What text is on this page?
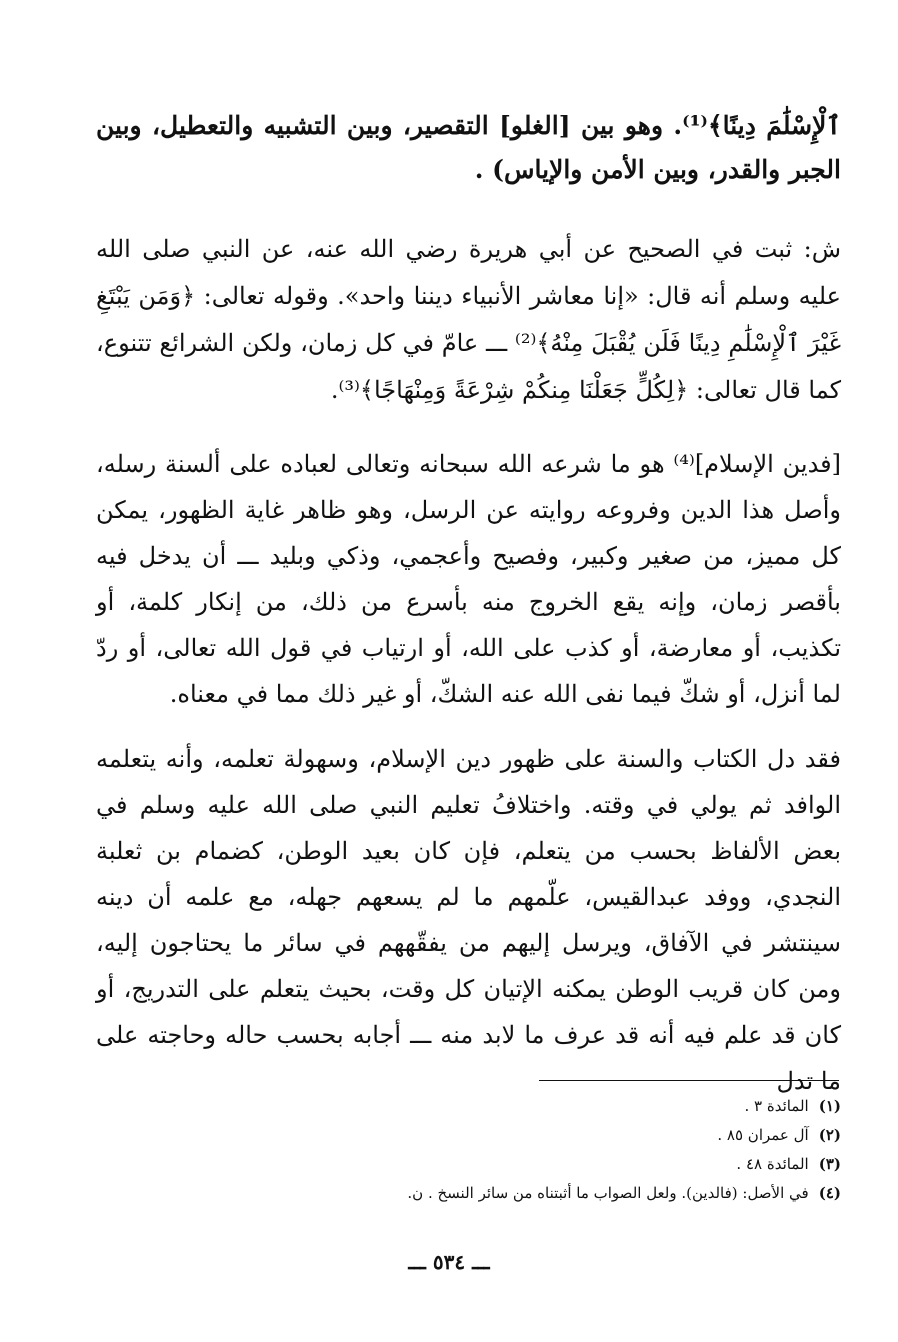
ٱلْإِسْلَٰمَ دِينًا﴾⁽¹⁾. وهو بين [الغلو] التقصير، وبين التشبيه والتعطيل، وبين الجبر والقدر، وبين الأمن والإياس) .
ش: ثبت في الصحيح عن أبي هريرة رضي الله عنه، عن النبي صلى الله عليه وسلم أنه قال: «إنا معاشر الأنبياء ديننا واحد». وقوله تعالى: ﴿وَمَن يَبْتَغِ غَيْرَ ٱلْإِسْلَٰمِ دِينًا فَلَن يُقْبَلَ مِنْهُ﴾⁽²⁾ ـــ عامّ في كل زمان، ولكن الشرائع تتنوع، كما قال تعالى: ﴿لِكُلٍّ جَعَلْنَا مِنكُمْ شِرْعَةً وَمِنْهَاجًا﴾⁽³⁾.
[فدين الإسلام]⁽⁴⁾ هو ما شرعه الله سبحانه وتعالى لعباده على ألسنة رسله، وأصل هذا الدين وفروعه روايته عن الرسل، وهو ظاهر غاية الظهور، يمكن كل مميز، من صغير وكبير، وفصيح وأعجمي، وذكي وبليد ـــ أن يدخل فيه بأقصر زمان، وإنه يقع الخروج منه بأسرع من ذلك، من إنكار كلمة، أو تكذيب، أو معارضة، أو كذب على الله، أو ارتياب في قول الله تعالى، أو ردّ لما أنزل، أو شكّ فيما نفى الله عنه الشكّ، أو غير ذلك مما في معناه.
فقد دل الكتاب والسنة على ظهور دين الإسلام، وسهولة تعلمه، وأنه يتعلمه الوافد ثم يولي في وقته. واختلافُ تعليم النبي صلى الله عليه وسلم في بعض الألفاظ بحسب من يتعلم، فإن كان بعيد الوطن، كضمام بن ثعلبة النجدي، ووفد عبدالقيس، علّمهم ما لم يسعهم جهله، مع علمه أن دينه سينتشر في الآفاق، ويرسل إليهم من يفقّههم في سائر ما يحتاجون إليه، ومن كان قريب الوطن يمكنه الإتيان كل وقت، بحيث يتعلم على التدريج، أو كان قد علم فيه أنه قد عرف ما لابد منه ـــ أجابه بحسب حاله وحاجته على ما تدل
(١)المائدة ٣ .
(٢)آل عمران ٨٥ .
(٣)المائدة ٤٨ .
(٤)في الأصل: (فالدين). ولعل الصواب ما أثبتناه من سائر النسخ . ن.
ـــ ٥٣٤ ـــ
